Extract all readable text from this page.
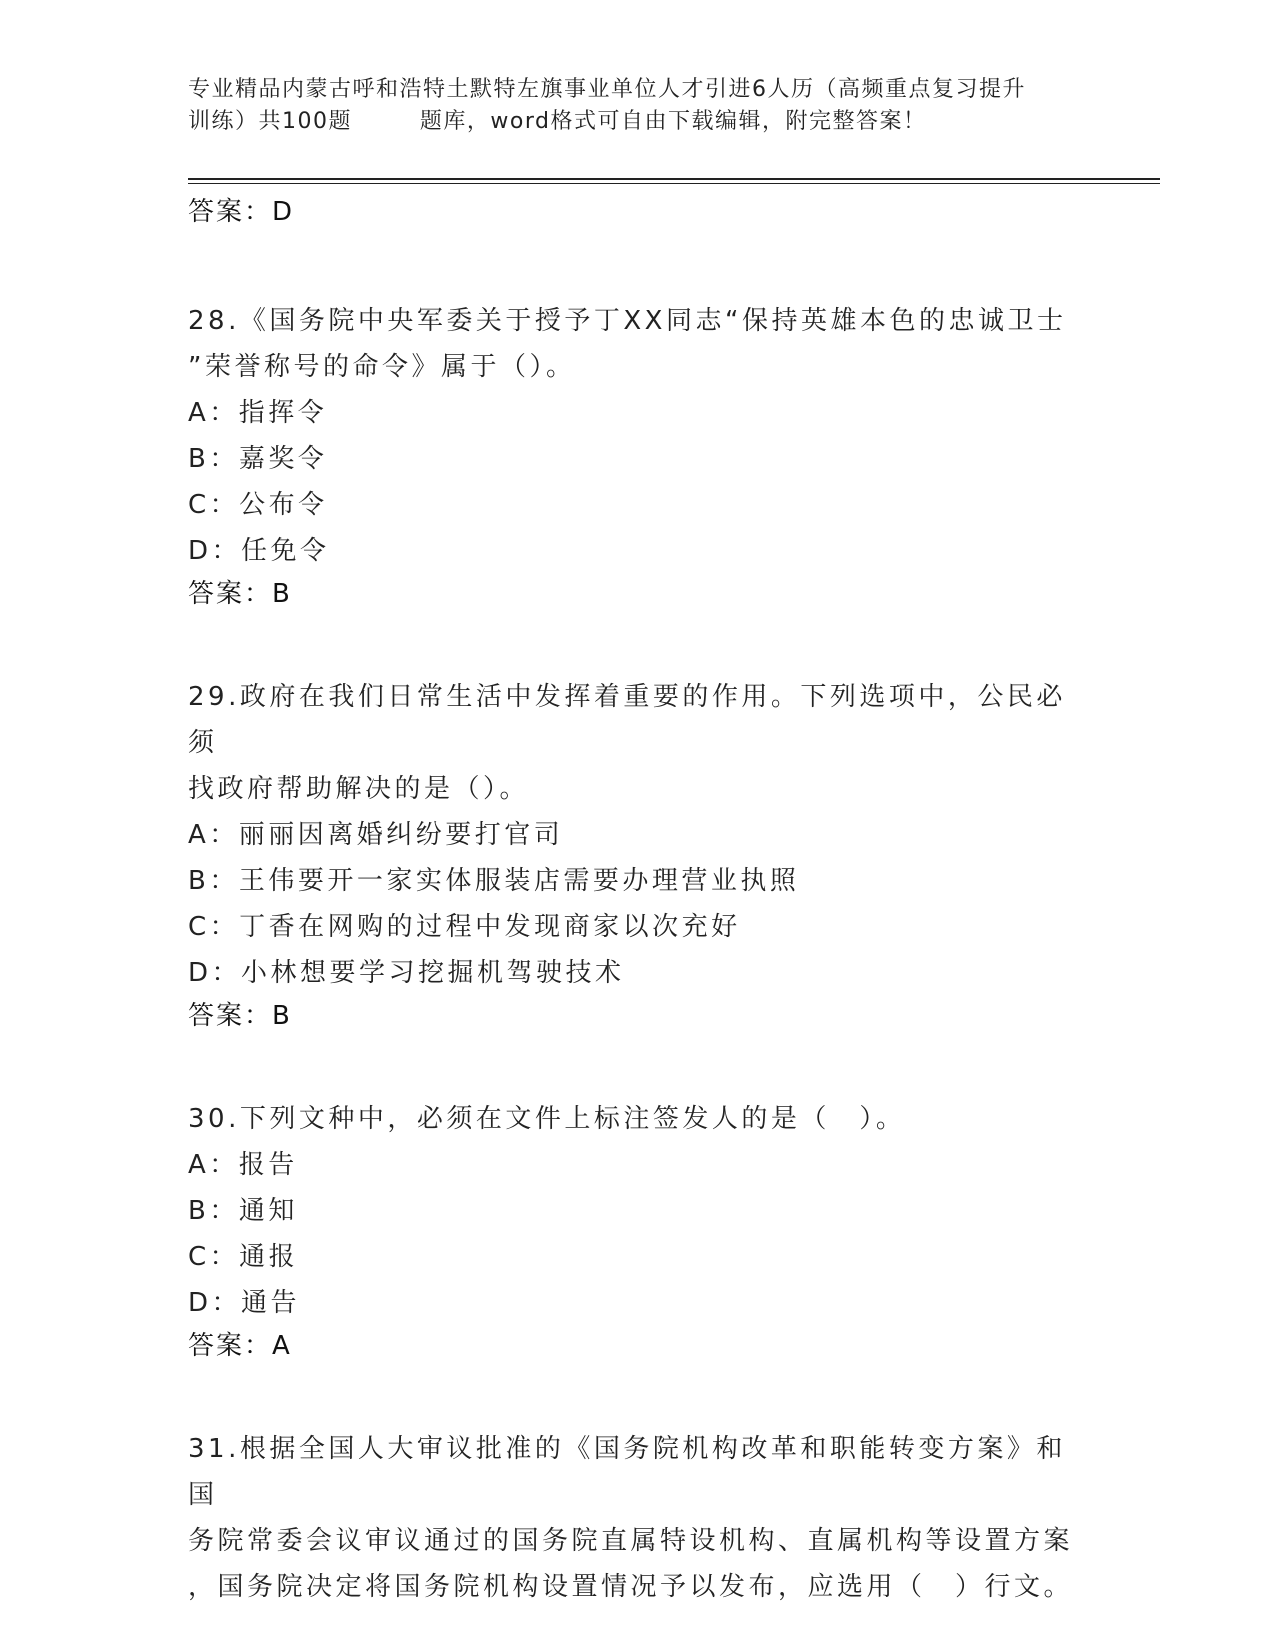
专业精品内蒙古呼和浩特土默特左旗事业单位人才引进6人历（高频重点复习提升
训练）共100题        题库，word格式可自由下载编辑，附完整答案！
答案：D
28.《国务院中央军委关于授予丁XX同志“保持英雄本色的忠诚卫士
”荣誉称号的命令》属于（）。
A：指挥令
B：嘉奖令
C：公布令
D：任免令
答案：B
29.政府在我们日常生活中发挥着重要的作用。下列选项中，公民必须
找政府帮助解决的是（）。
A：丽丽因离婚纠纷要打官司
B：王伟要开一家实体服装店需要办理营业执照
C：丁香在网购的过程中发现商家以次充好
D：小林想要学习挖掘机驾驶技术
答案：B
30.下列文种中，必须在文件上标注签发人的是（　）。
A：报告
B：通知
C：通报
D：通告
答案：A
31.根据全国人大审议批准的《国务院机构改革和职能转变方案》和国
务院常委会议审议通过的国务院直属特设机构、直属机构等设置方案
，国务院决定将国务院机构设置情况予以发布，应选用（　）行文。
